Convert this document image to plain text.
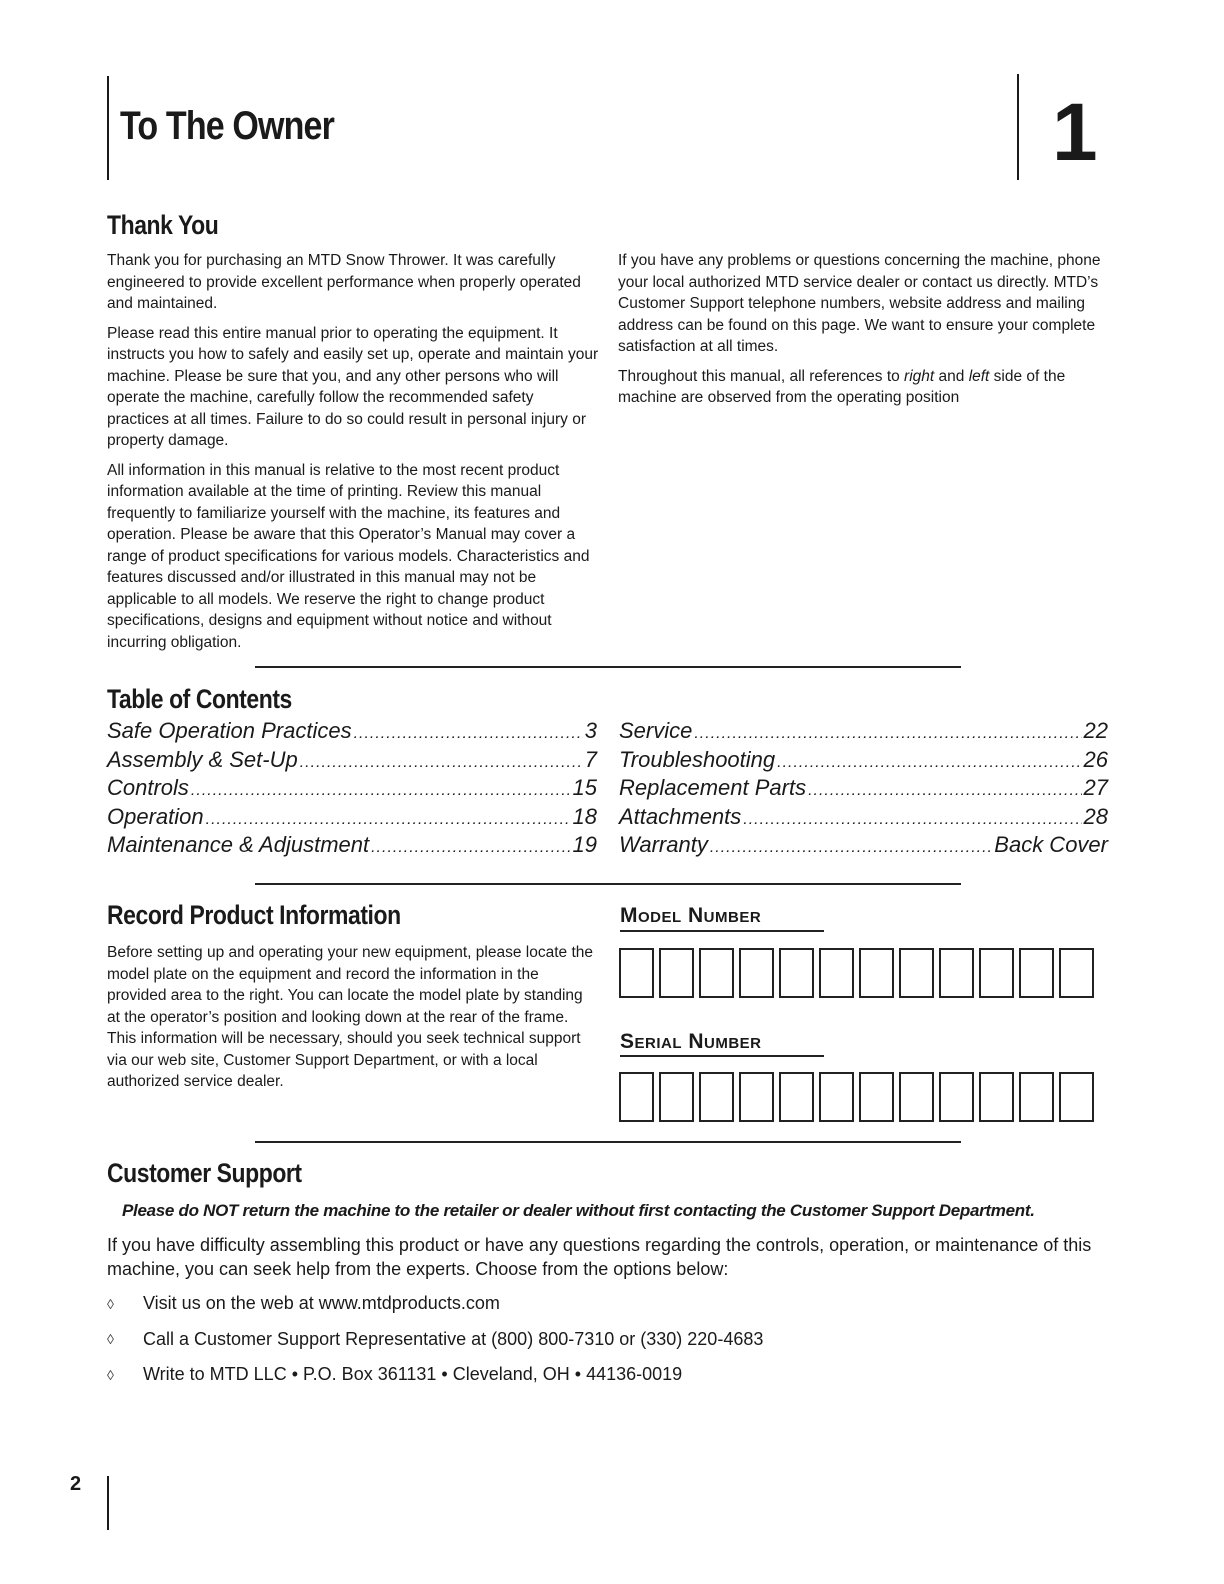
To The Owner	1
Thank You

Thank you for purchasing an MTD Snow Thrower. It was carefully engineered to provide excellent performance when properly operated and maintained.

Please read this entire manual prior to operating the equipment. It instructs you how to safely and easily set up, operate and maintain your machine. Please be sure that you, and any other persons who will operate the machine, carefully follow the recommended safety practices at all times. Failure to do so could result in personal injury or property damage.

All information in this manual is relative to the most recent product information available at the time of printing. Review this manual frequently to familiarize yourself with the machine, its features and operation. Please be aware that this Operator’s Manual may cover a range of product specifications for various models. Characteristics and features discussed and/or illustrated in this manual may not be applicable to all models. We reserve the right to change product specifications, designs and equipment without notice and without incurring obligation.

If you have any problems or questions concerning the machine, phone your local authorized MTD service dealer or contact us directly. MTD’s Customer Support telephone numbers, website address and mailing address can be found on this page. We want to ensure your complete satisfaction at all times.

Throughout this manual, all references to right and left side of the machine are observed from the operating position

Table of Contents
Safe Operation Practices .....	3
Assembly & Set-Up .....	7
Controls .....	15
Operation .....	18
Maintenance & Adjustment .....	19
Service .....	22
Troubleshooting .....	26
Replacement Parts .....	27
Attachments .....	28
Warranty .....	Back Cover
Record Product Information
Before setting up and operating your new equipment, please locate the model plate on the equipment and record the information in the provided area to the right. You can locate the model plate by standing at the operator’s position and looking down at the rear of the frame. This information will be necessary, should you seek technical support via our web site, Customer Support Department, or with a local authorized service dealer.
Model Number
Serial Number
Customer Support
Please do NOT return the machine to the retailer or dealer without first contacting the Customer Support Department.
If you have difficulty assembling this product or have any questions regarding the controls, operation, or maintenance of this machine, you can seek help from the experts. Choose from the options below:
◊	Visit us on the web at www.mtdproducts.com
◊	Call a Customer Support Representative at (800) 800-7310 or (330) 220-4683
◊	Write to MTD LLC • P.O. Box 361131 • Cleveland, OH • 44136-0019
2
